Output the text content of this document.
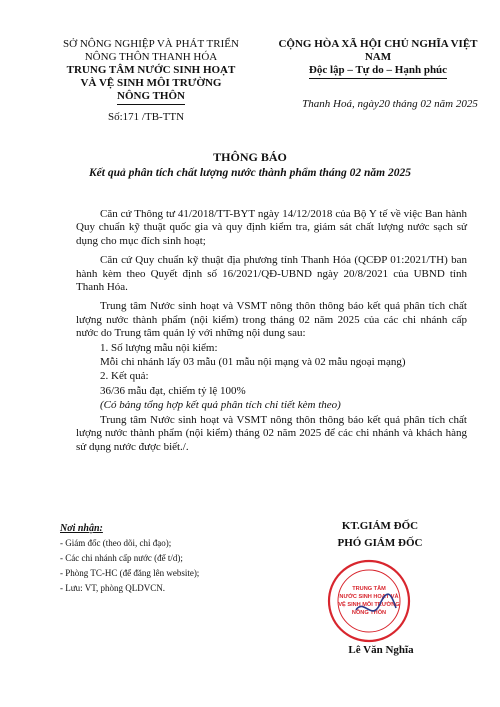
SỞ NÔNG NGHIỆP VÀ PHÁT TRIỂN
NÔNG THÔN THANH HÓA
TRUNG TÂM NƯỚC SINH HOẠT
VÀ VỆ SINH MÔI TRƯỜNG
NÔNG THÔN
Số:171 /TB-TTN
CỘNG HÒA XÃ HỘI CHỦ NGHĨA VIỆT NAM
Độc lập – Tự do – Hạnh phúc
Thanh Hoá, ngày20 tháng 02 năm 2025
THÔNG BÁO
Kết quả phân tích chất lượng nước thành phẩm tháng 02 năm 2025

Căn cứ Thông tư 41/2018/TT-BYT ngày 14/12/2018 của Bộ Y tế về việc Ban hành Quy chuẩn kỹ thuật quốc gia và quy định kiểm tra, giám sát chất lượng nước sạch sử dụng cho mục đích sinh hoạt;

Căn cứ Quy chuẩn kỹ thuật địa phương tỉnh Thanh Hóa (QCĐP 01:2021/TH) ban hành kèm theo Quyết định số 16/2021/QĐ-UBND ngày 20/8/2021 của UBND tỉnh Thanh Hóa.

Trung tâm Nước sinh hoạt và VSMT nông thôn thông báo kết quả phân tích chất lượng nước thành phẩm (nội kiểm) trong tháng 02 năm 2025 của các chi nhánh cấp nước do Trung tâm quản lý với những nội dung sau:

1. Số lượng mẫu nội kiểm:

Mỗi chi nhánh lấy 03 mẫu (01 mẫu nội mạng và 02 mẫu ngoại mạng)

2. Kết quả:

36/36 mẫu đạt, chiếm tỷ lệ 100%

(Có bảng tổng hợp kết quả phân tích chi tiết kèm theo)

Trung tâm Nước sinh hoạt và VSMT nông thôn thông báo kết quả phân tích chất lượng nước thành phẩm (nội kiểm) tháng 02 năm 2025 để các chi nhánh và khách hàng sử dụng nước được biết./.

Nơi nhận:
- Giám đốc (theo dõi, chỉ đạo);
- Các chi nhánh cấp nước (để t/d);
- Phòng TC-HC (để đăng lên website);
- Lưu: VT, phòng QLDVCN.
KT.GIÁM ĐỐC
PHÓ GIÁM ĐỐC
TRUNG TÂM
NƯỚC SINH HOẠT VÀ
VỆ SINH MÔI TRƯỜNG
NÔNG THÔN
Lê Văn Nghĩa
